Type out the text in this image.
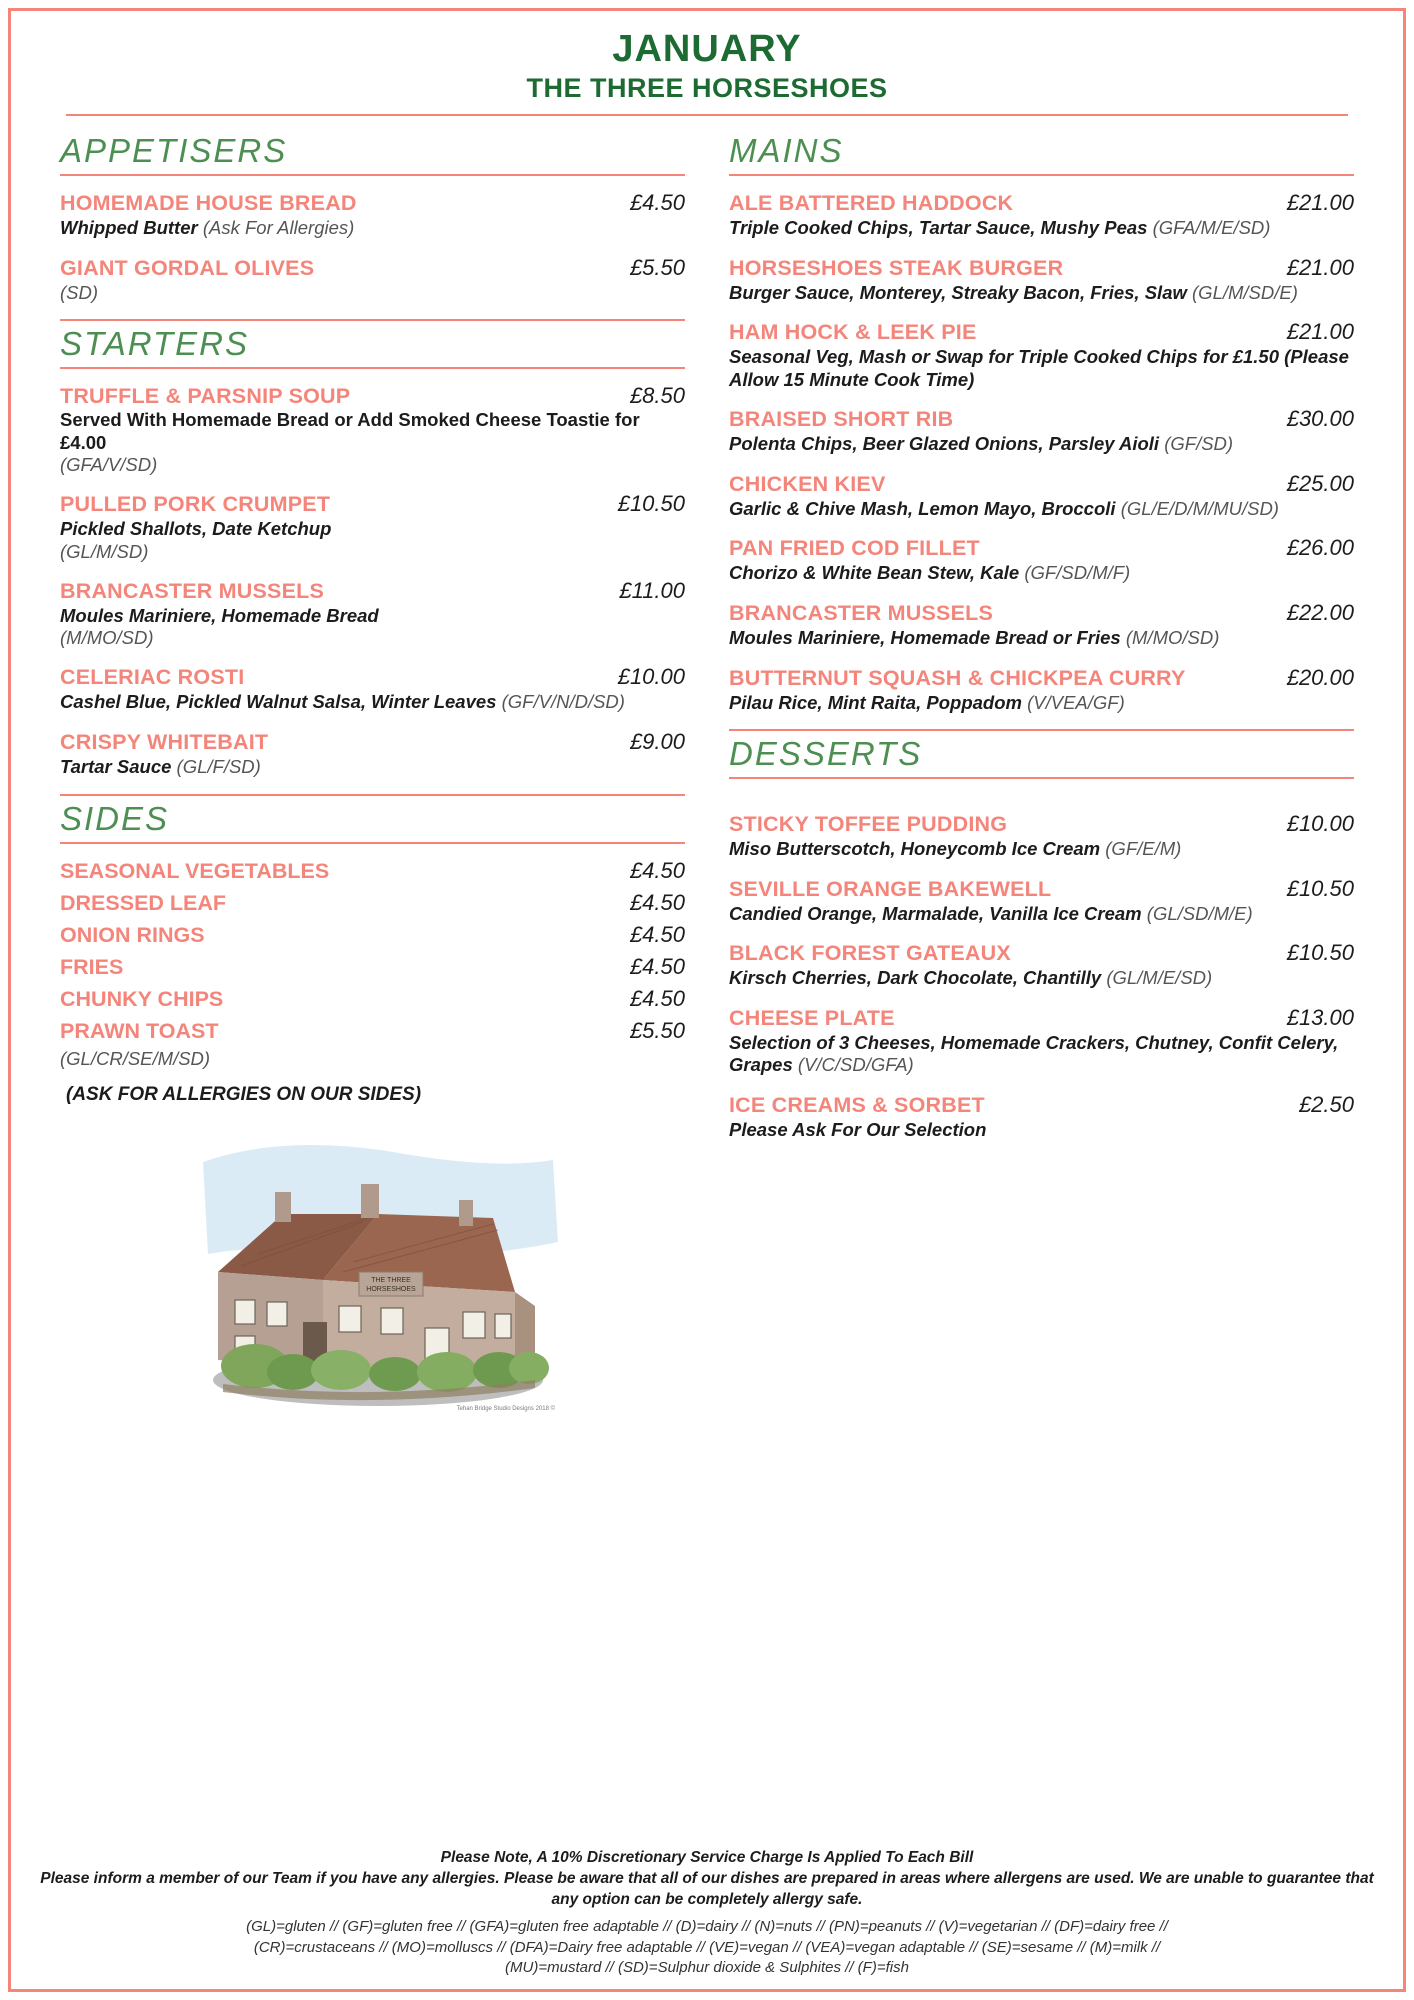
JANUARY
THE THREE HORSESHOES
APPETISERS
HOMEMADE HOUSE BREAD	£4.50
Whipped Butter (Ask For Allergies)
GIANT GORDAL OLIVES	£5.50
(SD)
STARTERS
TRUFFLE & PARSNIP SOUP	£8.50
Served With Homemade Bread or Add Smoked Cheese Toastie for £4.00
(GFA/V/SD)
PULLED PORK CRUMPET	£10.50
Pickled Shallots, Date Ketchup
(GL/M/SD)
BRANCASTER MUSSELS	£11.00
Moules Mariniere, Homemade Bread
(M/MO/SD)
CELERIAC ROSTI	£10.00
Cashel Blue, Pickled Walnut Salsa, Winter Leaves (GF/V/N/D/SD)
CRISPY WHITEBAIT	£9.00
Tartar Sauce (GL/F/SD)
SIDES
SEASONAL VEGETABLES	£4.50
DRESSED LEAF	£4.50
ONION RINGS	£4.50
FRIES	£4.50
CHUNKY CHIPS	£4.50
PRAWN TOAST	£5.50
(GL/CR/SE/M/SD)
(ASK FOR ALLERGIES ON OUR SIDES)
THE THREE
HORSESHOES
Tehan Bridge Studio Designs 2018 ©
MAINS
ALE BATTERED HADDOCK	£21.00
Triple Cooked Chips, Tartar Sauce, Mushy Peas (GFA/M/E/SD)
HORSESHOES STEAK BURGER	£21.00
Burger Sauce, Monterey, Streaky Bacon, Fries, Slaw (GL/M/SD/E)
HAM HOCK & LEEK PIE	£21.00
Seasonal Veg, Mash or Swap for Triple Cooked Chips for £1.50 (Please Allow 15 Minute Cook Time)
BRAISED SHORT RIB	£30.00
Polenta Chips, Beer Glazed Onions, Parsley Aioli (GF/SD)
CHICKEN KIEV	£25.00
Garlic & Chive Mash, Lemon Mayo, Broccoli (GL/E/D/M/MU/SD)
PAN FRIED COD FILLET	£26.00
Chorizo & White Bean Stew, Kale (GF/SD/M/F)
BRANCASTER MUSSELS	£22.00
Moules Mariniere, Homemade Bread or Fries (M/MO/SD)
BUTTERNUT SQUASH & CHICKPEA CURRY	£20.00
Pilau Rice, Mint Raita, Poppadom (V/VEA/GF)
DESSERTS
STICKY TOFFEE PUDDING	£10.00
Miso Butterscotch, Honeycomb Ice Cream (GF/E/M)
SEVILLE ORANGE BAKEWELL	£10.50
Candied Orange, Marmalade, Vanilla Ice Cream (GL/SD/M/E)
BLACK FOREST GATEAUX	£10.50
Kirsch Cherries, Dark Chocolate, Chantilly (GL/M/E/SD)
CHEESE PLATE	£13.00
Selection of 3 Cheeses, Homemade Crackers, Chutney, Confit Celery, Grapes (V/C/SD/GFA)
ICE CREAMS & SORBET	£2.50
Please Ask For Our Selection
Please Note, A 10% Discretionary Service Charge Is Applied To Each Bill
Please inform a member of our Team if you have any allergies. Please be aware that all of our dishes are prepared in areas where allergens are used. We are unable to guarantee that any option can be completely allergy safe.
(GL)=gluten // (GF)=gluten free // (GFA)=gluten free adaptable // (D)=dairy // (N)=nuts // (PN)=peanuts // (V)=vegetarian // (DF)=dairy free //
(CR)=crustaceans // (MO)=molluscs // (DFA)=Dairy free adaptable // (VE)=vegan // (VEA)=vegan adaptable // (SE)=sesame // (M)=milk //
(MU)=mustard // (SD)=Sulphur dioxide & Sulphites // (F)=fish
